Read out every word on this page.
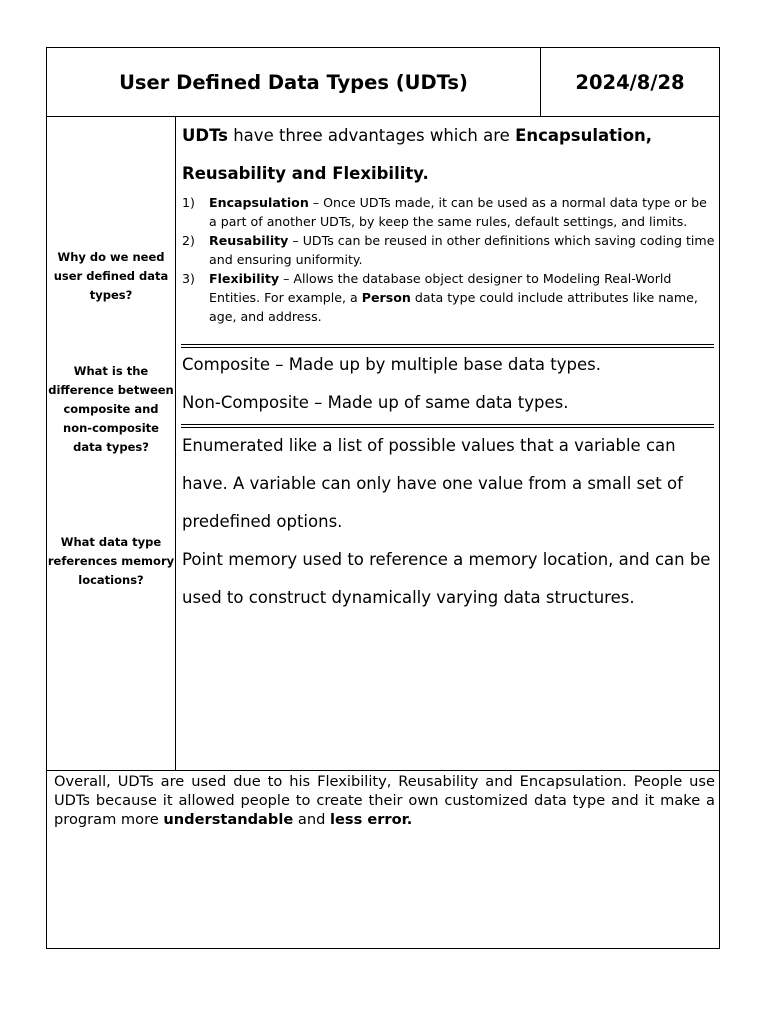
User Defined Data Types (UDTs)	2024/8/28
Why do we need user defined data types?
What is the difference between composite and non-composite data types?
What data type references memory locations?

UDTs have three advantages which are Encapsulation,

Reusability and Flexibility.

1) Encapsulation – Once UDTs made, it can be used as a normal data type or be a part of another UDTs, by keep the same rules, default settings, and limits.
2) Reusability – UDTs can be reused in other definitions which saving coding time and ensuring uniformity.
3) Flexibility – Allows the database object designer to Modeling Real-World Entities. For example, a Person data type could include attributes like name, age, and address.

Composite – Made up by multiple base data types.

Non-Composite – Made up of same data types.

Enumerated like a list of possible values that a variable can have. A variable can only have one value from a small set of predefined options.

Point memory used to reference a memory location, and can be used to construct dynamically varying data structures.

Overall, UDTs are used due to his Flexibility, Reusability and Encapsulation. People use UDTs because it allowed people to create their own customized data type and it make a program more understandable and less error.
